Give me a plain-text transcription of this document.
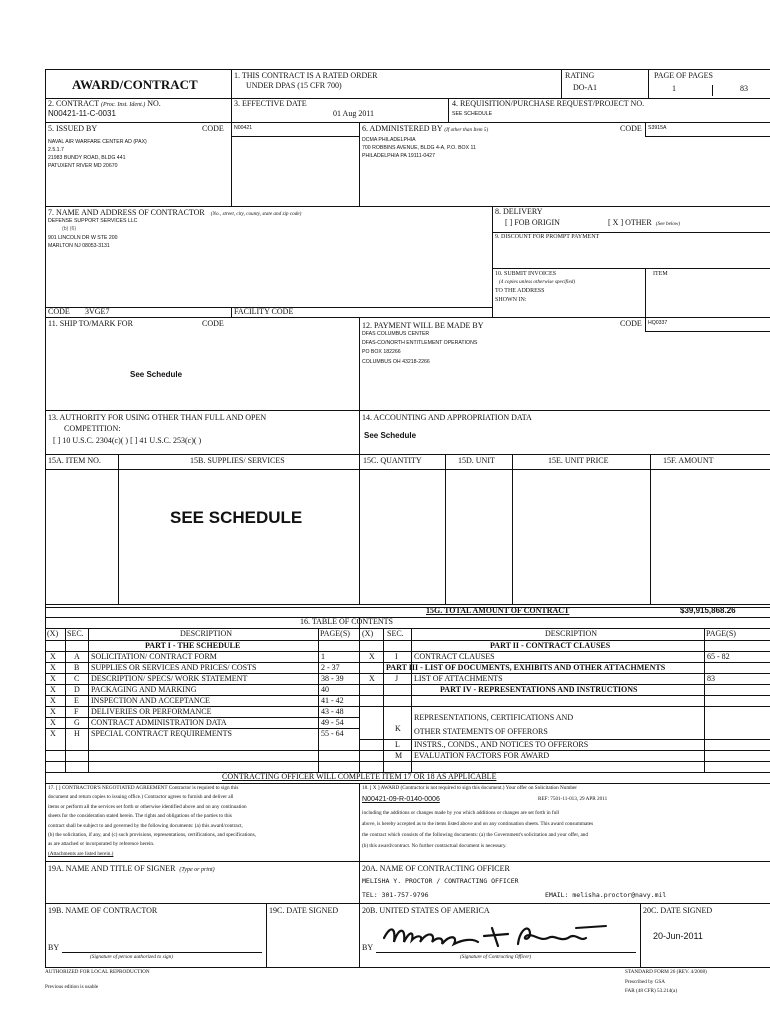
AWARD/CONTRACT
1. THIS CONTRACT IS A RATED ORDER
UNDER DPAS (15 CFR 700)
RATING
DO-A1
PAGE OF PAGES
1	83
2. CONTRACT (Proc. Inst. Ident.) NO.
N00421-11-C-0031
3. EFFECTIVE DATE
01 Aug 2011
4. REQUISITION/PURCHASE REQUEST/PROJECT NO.
SEE SCHEDULE
5. ISSUED BY	CODE N00421
NAVAL AIR WARFARE CENTER AD (PAX)
2.5.1.7
21983 BUNDY ROAD, BLDG 441
PATUXENT RIVER MD 20670
6. ADMINISTERED BY (If other than Item 5)	CODE S3915A
DCMA PHILADELPHIA
700 ROBBINS AVENUE, BLDG 4-A, P.O. BOX 11
PHILADELPHIA PA 19111-0427
7. NAME AND ADDRESS OF CONTRACTOR (No., street, city, county, state and zip code)
DEFENSE SUPPORT SERVICES LLC
(b) (6)
901 LINCOLN DR W STE 200
MARLTON NJ 08053-3131
CODE 3VGE7	FACILITY CODE
8. DELIVERY
[ ] FOB ORIGIN	[ X ] OTHER (See below)
9. DISCOUNT FOR PROMPT PAYMENT
10. SUBMIT INVOICES
(4 copies unless otherwise specified)
TO THE ADDRESS
SHOWN IN:
ITEM
11. SHIP TO/MARK FOR	CODE
See Schedule
12. PAYMENT WILL BE MADE BY	CODE HQ0337
DFAS COLUMBUS CENTER
DFAS-CO/NORTH ENTITLEMENT OPERATIONS
PO BOX 182266
COLUMBUS OH 43218-2266
13. AUTHORITY FOR USING OTHER THAN FULL AND OPEN
COMPETITION:
[ ] 10 U.S.C. 2304(c)( ) [ ] 41 U.S.C. 253(c)( )
14. ACCOUNTING AND APPROPRIATION DATA
See Schedule
15A. ITEM NO.	15B. SUPPLIES/ SERVICES	15C. QUANTITY	15D. UNIT	15E. UNIT PRICE	15F. AMOUNT
SEE SCHEDULE
15G. TOTAL AMOUNT OF CONTRACT	$39,915,868.26
16. TABLE OF CONTENTS
(X) SEC.	DESCRIPTION	PAGE(S) (X) SEC.	DESCRIPTION	PAGE(S)
PART I - THE SCHEDULE	PART II - CONTRACT CLAUSES
X A SOLICITATION/ CONTRACT FORM	1
X B SUPPLIES OR SERVICES AND PRICES/ COSTS	2 - 37
X C DESCRIPTION/ SPECS/ WORK STATEMENT	38 - 39
X D PACKAGING AND MARKING	40
X E INSPECTION AND ACCEPTANCE	41 - 42
X F DELIVERIES OR PERFORMANCE	43 - 48
X G CONTRACT ADMINISTRATION DATA	49 - 54
X H SPECIAL CONTRACT REQUIREMENTS	55 - 64
X	I CONTRACT CLAUSES	65 - 82
PART III - LIST OF DOCUMENTS, EXHIBITS AND OTHER ATTACHMENTS
X	J LIST OF ATTACHMENTS	83
PART IV - REPRESENTATIONS AND INSTRUCTIONS
K
REPRESENTATIONS, CERTIFICATIONS AND
OTHER STATEMENTS OF OFFERORS
L INSTRS., CONDS., AND NOTICES TO OFFERORS
M EVALUATION FACTORS FOR AWARD
CONTRACTING OFFICER WILL COMPLETE ITEM 17 OR 18 AS APPLICABLE
17. [ ] CONTRACTOR'S NEGOTIATED AGREEMENT Contractor is required to sign this
document and return copies to issuing office.) Contractor agrees to furnish and deliver all
items or perform all the services set forth or otherwise identified above and on any continuation
sheets for the consideration stated herein. The rights and obligations of the parties to this
contract shall be subject to and governed by the following documents: (a) this award/contract,
(b) the solicitation, if any, and (c) such provisions, representations, certifications, and specifications,
as are attached or incorporated by reference herein.
(Attachments are listed herein.)
18. [ X ] AWARD (Contractor is not required to sign this document.) Your offer on Solicitation Number
N00421-09-R-0140-0006	REF: 7501-11-013, 29 APR 2011
including the additions or changes made by you which additions or changes are set forth in full
above, is hereby accepted as to the items listed above and on any continuation sheets. This award consummates
the contract which consists of the following documents: (a) the Government's solicitation and your offer, and
(b) this award/contract. No further contractual document is necessary.
19A. NAME AND TITLE OF SIGNER (Type or print)	20A. NAME OF CONTRACTING OFFICER
MELISHA Y. PROCTOR / CONTRACTING OFFICER
TEL: 301-757-9796	EMAIL: melisha.proctor@navy.mil
19B. NAME OF CONTRACTOR
BY
(Signature of person authorized to sign)
19C. DATE SIGNED	20B. UNITED STATES OF AMERICA
BY
(Signature of Contracting Officer)
20C. DATE SIGNED
20-Jun-2011
AUTHORIZED FOR LOCAL REPRODUCTION
Previous edition is usable
STANDARD FORM 26 (REV. 4/2008)
Prescribed by GSA
FAR (48 CFR) 53.214(a)
